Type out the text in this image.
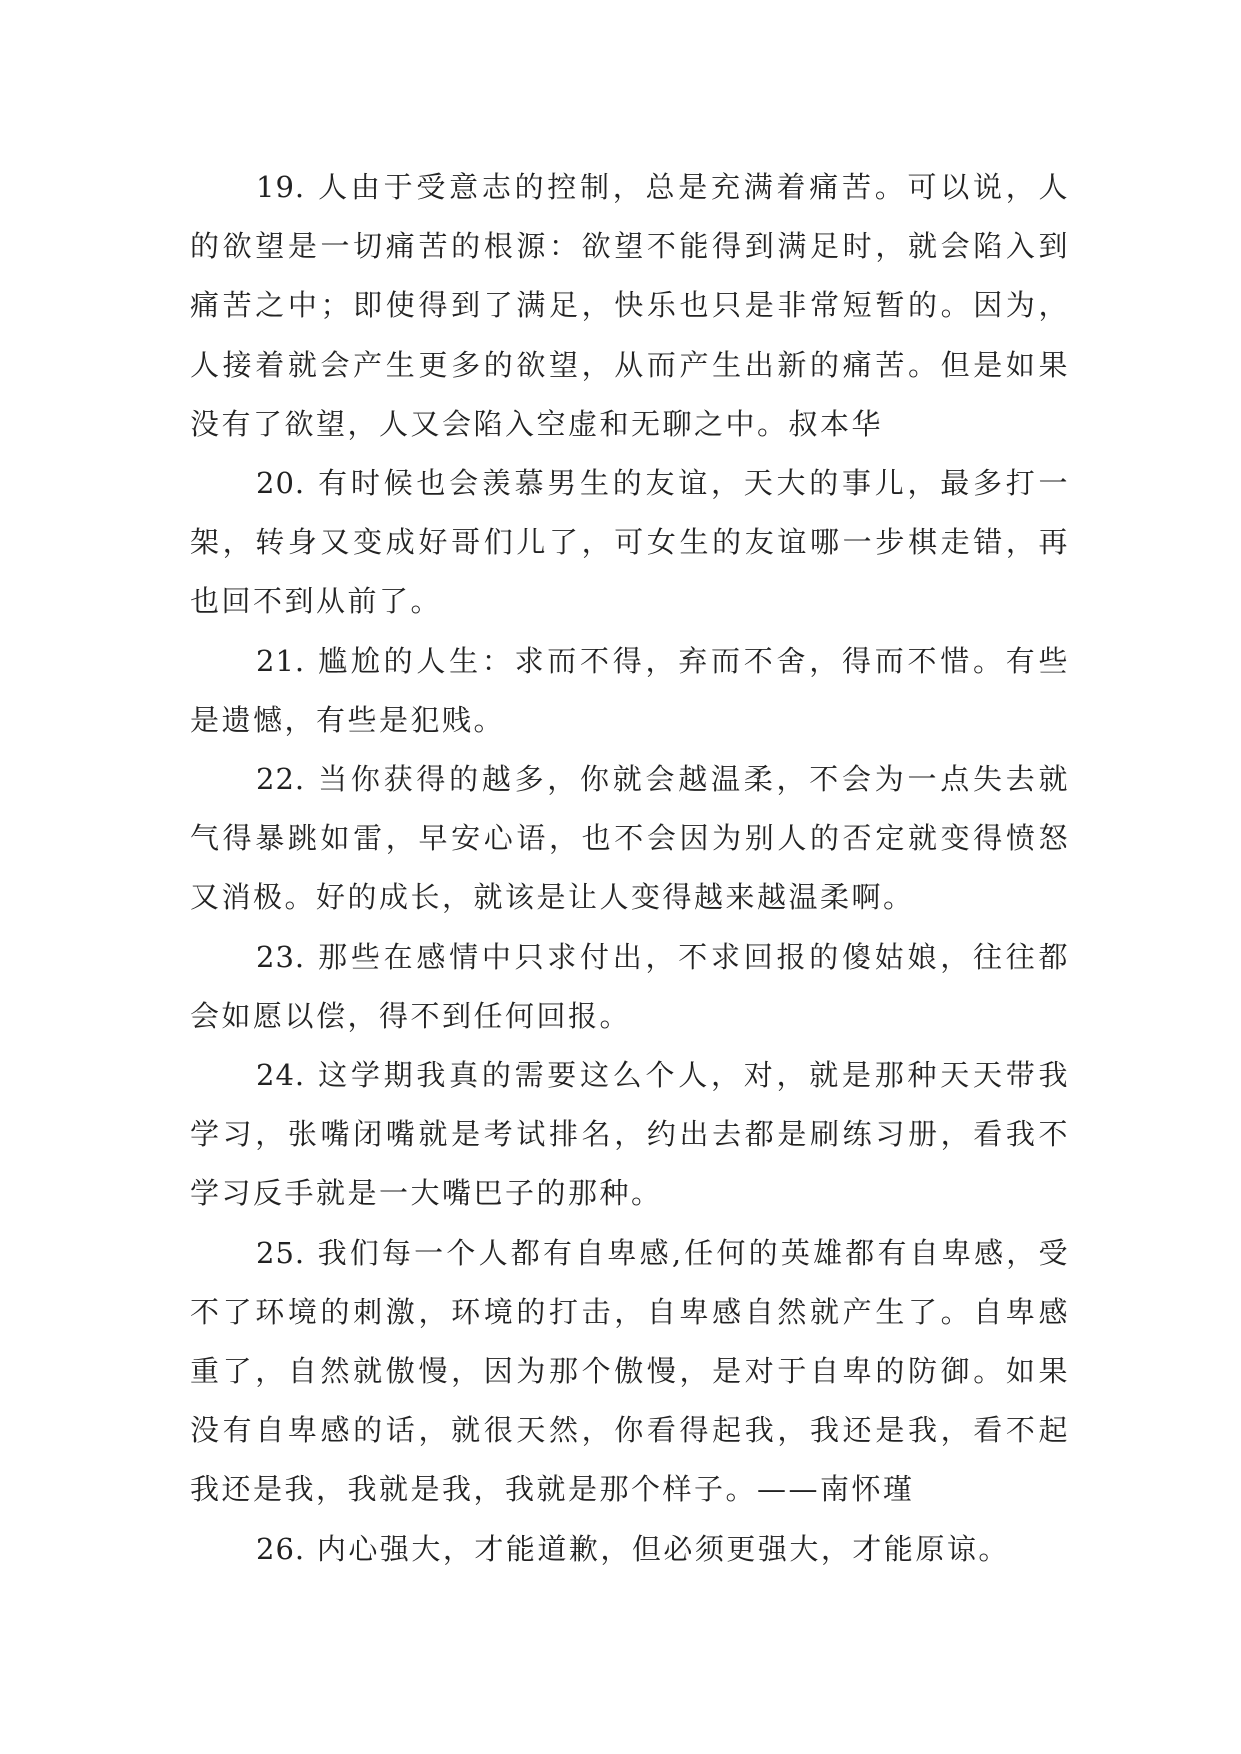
19. 人由于受意志的控制，总是充满着痛苦。可以说，人的欲望是一切痛苦的根源：欲望不能得到满足时，就会陷入到痛苦之中；即使得到了满足，快乐也只是非常短暂的。因为，人接着就会产生更多的欲望，从而产生出新的痛苦。但是如果没有了欲望，人又会陷入空虚和无聊之中。叔本华

20. 有时候也会羡慕男生的友谊，天大的事儿，最多打一架，转身又变成好哥们儿了，可女生的友谊哪一步棋走错，再也回不到从前了。

21. 尴尬的人生：求而不得，弃而不舍，得而不惜。有些是遗憾，有些是犯贱。

22. 当你获得的越多，你就会越温柔，不会为一点失去就气得暴跳如雷，早安心语，也不会因为别人的否定就变得愤怒又消极。好的成长，就该是让人变得越来越温柔啊。

23. 那些在感情中只求付出，不求回报的傻姑娘，往往都会如愿以偿，得不到任何回报。

24. 这学期我真的需要这么个人，对，就是那种天天带我学习，张嘴闭嘴就是考试排名，约出去都是刷练习册，看我不学习反手就是一大嘴巴子的那种。

25. 我们每一个人都有自卑感,任何的英雄都有自卑感，受不了环境的刺激，环境的打击，自卑感自然就产生了。自卑感重了，自然就傲慢，因为那个傲慢，是对于自卑的防御。如果没有自卑感的话，就很天然，你看得起我，我还是我，看不起我还是我，我就是我，我就是那个样子。——南怀瑾

26. 内心强大，才能道歉，但必须更强大，才能原谅。
